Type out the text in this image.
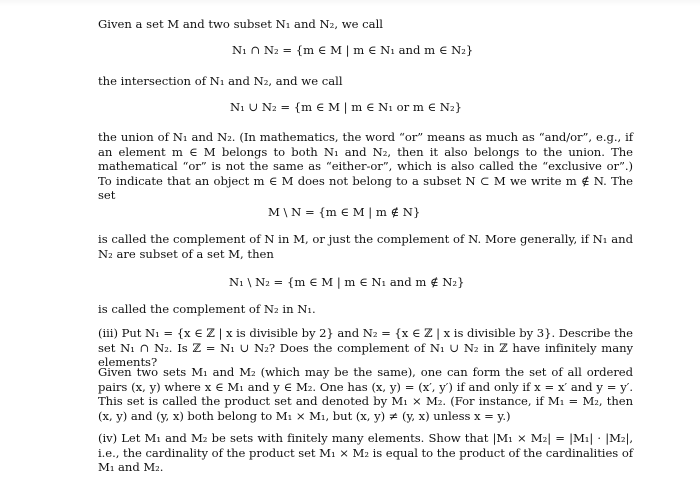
Given a set M and two subset N₁ and N₂, we call

N₁ ∩ N₂ = {m ∈ M | m ∈ N₁ and m ∈ N₂}

the intersection of N₁ and N₂, and we call

N₁ ∪ N₂ = {m ∈ M | m ∈ N₁ or m ∈ N₂}

the union of N₁ and N₂. (In mathematics, the word “or” means as much as “and/or”, e.g., if an element m ∈ M belongs to both N₁ and N₂, then it also belongs to the union. The mathematical “or” is not the same as “either-or”, which is also called the “exclusive or”.) To indicate that an object m ∈ M does not belong to a subset N ⊂ M we write m ∉ N. The set

M \ N = {m ∈ M | m ∉ N}

is called the complement of N in M, or just the complement of N. More generally, if N₁ and N₂ are subset of a set M, then

N₁ \ N₂ = {m ∈ M | m ∈ N₁ and m ∉ N₂}

is called the complement of N₂ in N₁.

(iii) Put N₁ = {x ∈ ℤ | x is divisible by 2} and N₂ = {x ∈ ℤ | x is divisible by 3}. Describe the set N₁ ∩ N₂. Is ℤ = N₁ ∪ N₂? Does the complement of N₁ ∪ N₂ in ℤ have infinitely many elements?

Given two sets M₁ and M₂ (which may be the same), one can form the set of all ordered pairs (x, y) where x ∈ M₁ and y ∈ M₂. One has (x, y) = (x′, y′) if and only if x = x′ and y = y′. This set is called the product set and denoted by M₁ × M₂. (For instance, if M₁ = M₂, then (x, y) and (y, x) both belong to M₁ × M₁, but (x, y) ≠ (y, x) unless x = y.)

(iv) Let M₁ and M₂ be sets with finitely many elements. Show that |M₁ × M₂| = |M₁| · |M₂|, i.e., the cardinality of the product set M₁ × M₂ is equal to the product of the cardinalities of M₁ and M₂.
